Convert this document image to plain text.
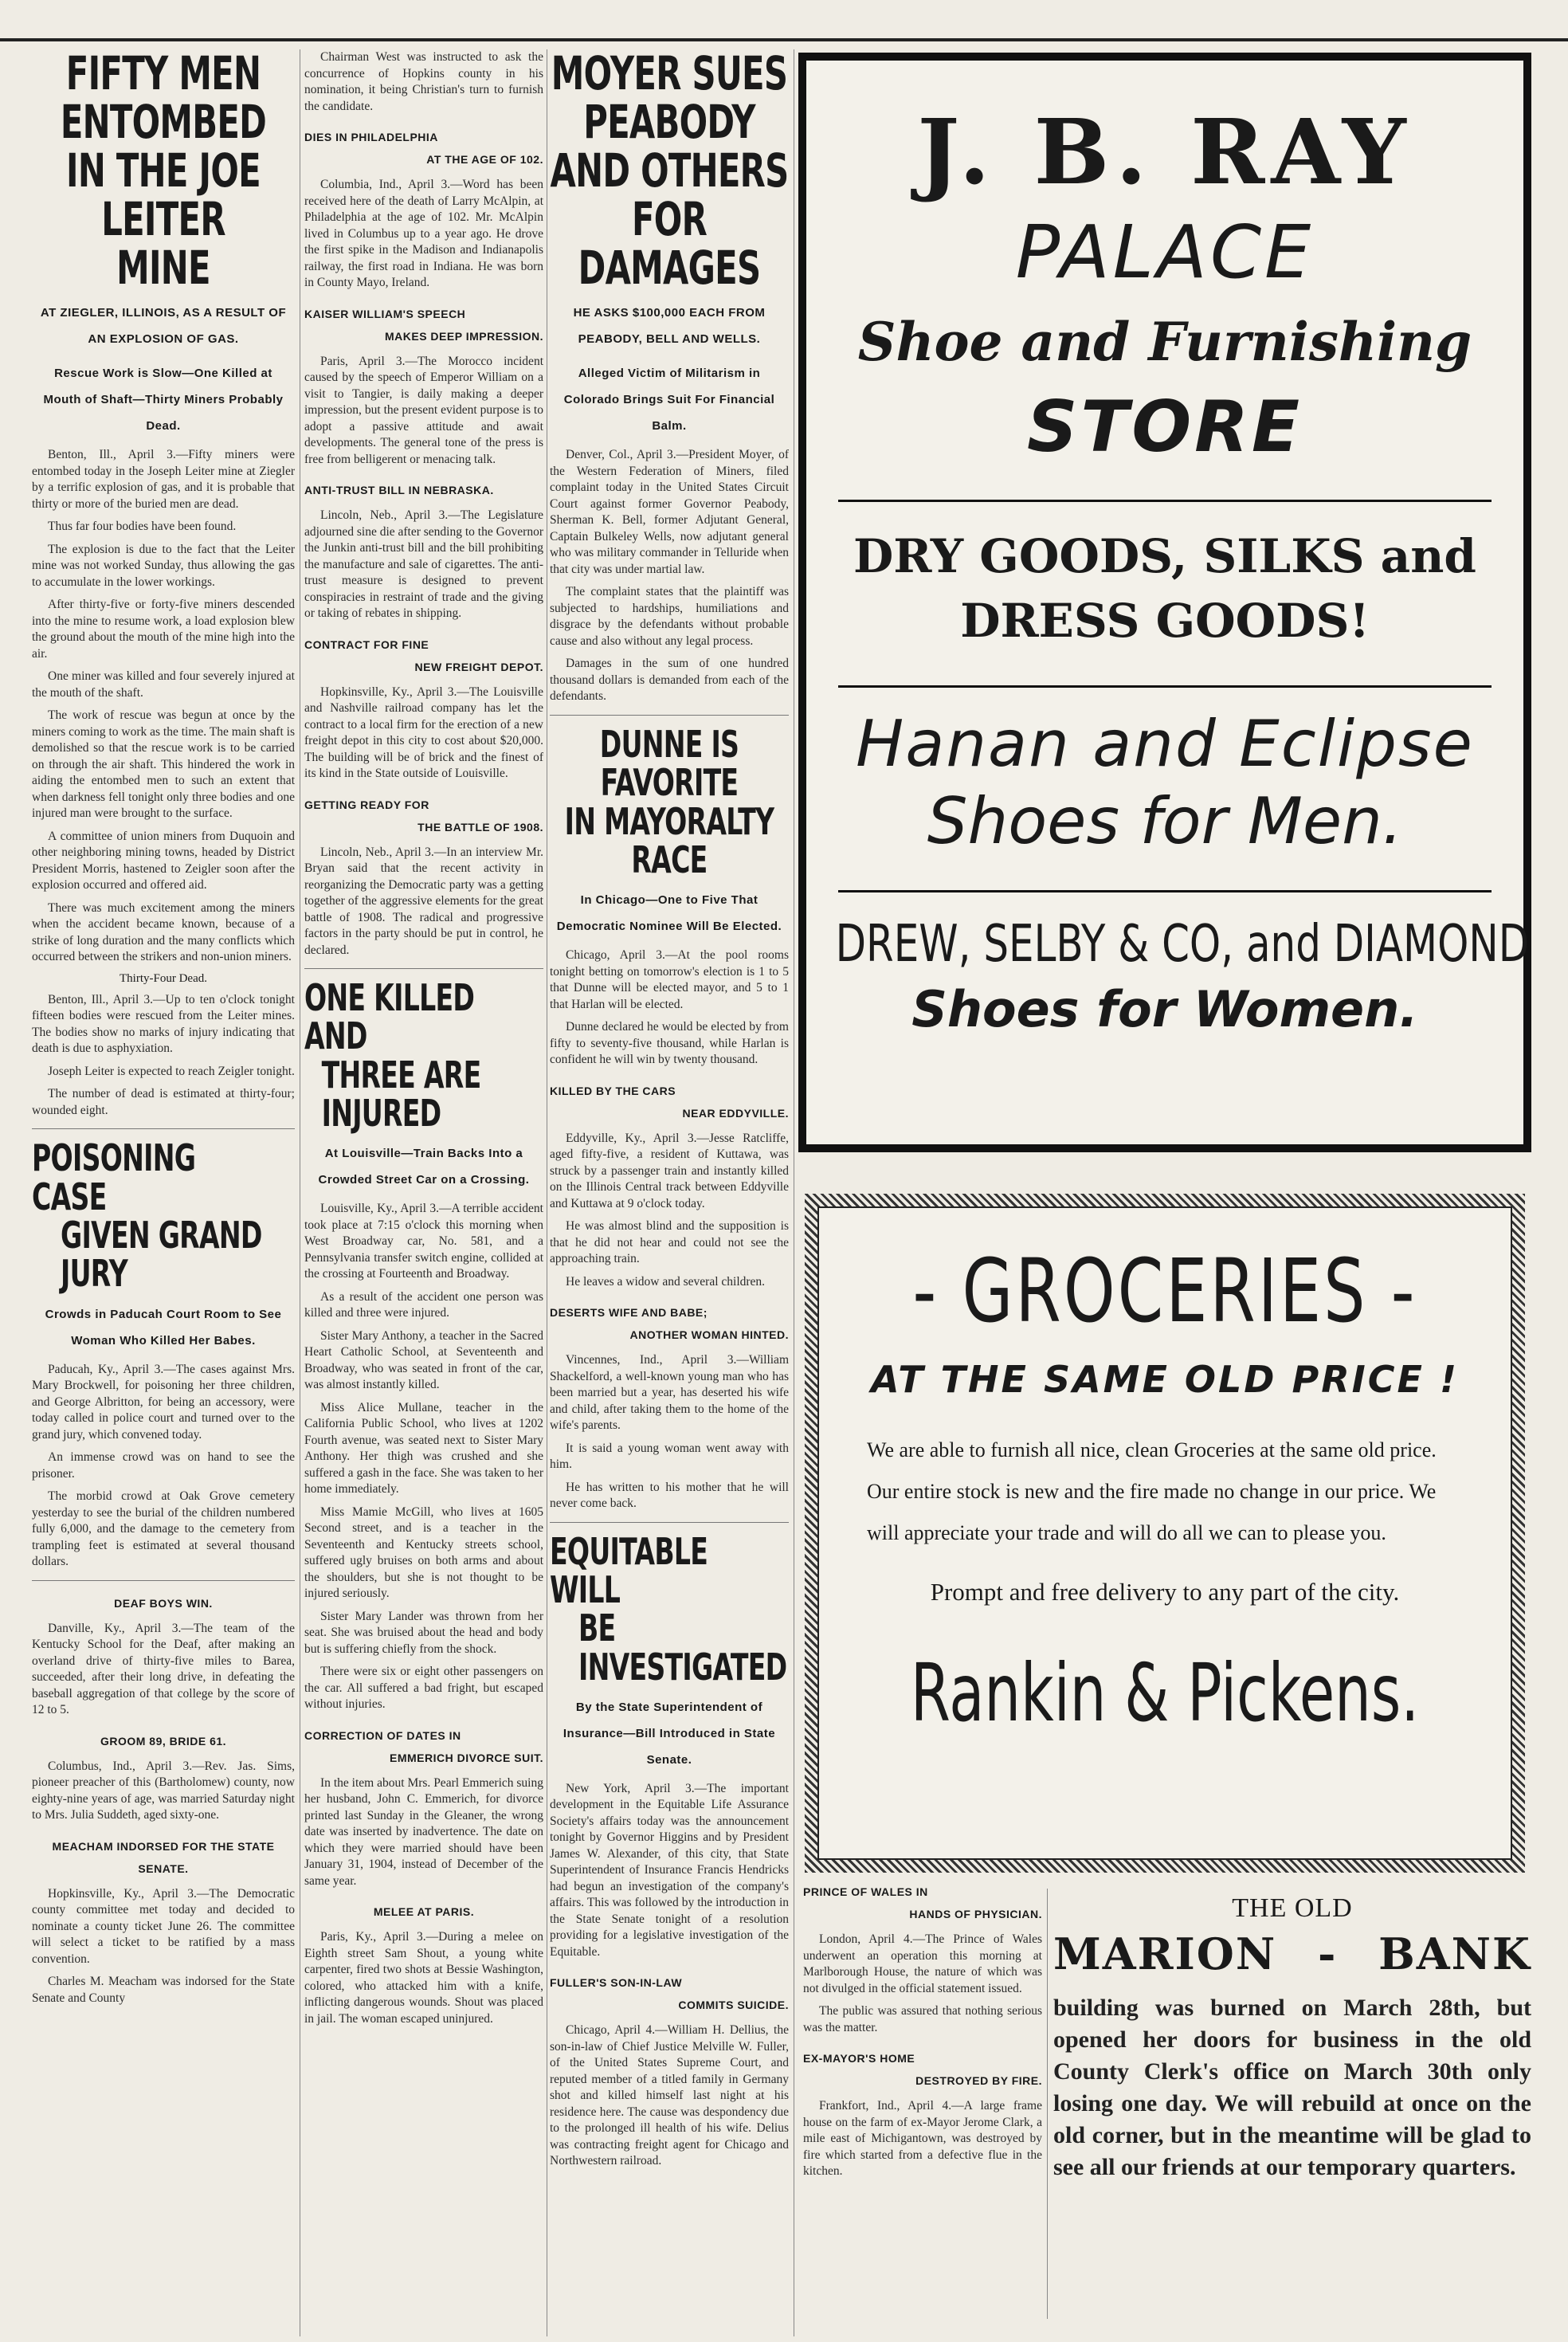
FIFTY MEN ENTOMBED
IN THE JOE LEITER
MINE
AT ZIEGLER, ILLINOIS, AS A RESULT OF AN EXPLOSION OF GAS.
Rescue Work is Slow—One Killed at Mouth of Shaft—Thirty Miners Probably Dead.

Benton, Ill., April 3.—Fifty miners were entombed today in the Joseph Leiter mine at Ziegler by a terrific explosion of gas, and it is probable that thirty or more of the buried men are dead.

Thus far four bodies have been found.

The explosion is due to the fact that the Leiter mine was not worked Sunday, thus allowing the gas to accumulate in the lower workings.

After thirty-five or forty-five miners descended into the mine to resume work, a load explosion blew the ground about the mouth of the mine high into the air.

One miner was killed and four severely injured at the mouth of the shaft.

The work of rescue was begun at once by the miners coming to work as the time. The main shaft is demolished so that the rescue work is to be carried on through the air shaft. This hindered the work in aiding the entombed men to such an extent that when darkness fell tonight only three bodies and one injured man were brought to the surface.

A committee of union miners from Duquoin and other neighboring mining towns, headed by District President Morris, hastened to Zeigler soon after the explosion occurred and offered aid.

There was much excitement among the miners when the accident became known, because of a strike of long duration and the many conflicts which occurred between the strikers and non-union miners.

Thirty-Four Dead.

Benton, Ill., April 3.—Up to ten o'clock tonight fifteen bodies were rescued from the Leiter mines. The bodies show no marks of injury indicating that death is due to asphyxiation.

Joseph Leiter is expected to reach Zeigler tonight.

The number of dead is estimated at thirty-four; wounded eight.

POISONING CASE
GIVEN GRAND JURY
Crowds in Paducah Court Room to See Woman Who Killed Her Babes.

Paducah, Ky., April 3.—The cases against Mrs. Mary Brockwell, for poisoning her three children, and George Albritton, for being an accessory, were today called in police court and turned over to the grand jury, which convened today.

An immense crowd was on hand to see the prisoner.

The morbid crowd at Oak Grove cemetery yesterday to see the burial of the children numbered fully 6,000, and the damage to the cemetery from trampling feet is estimated at several thousand dollars.

DEAF BOYS WIN.

Danville, Ky., April 3.—The team of the Kentucky School for the Deaf, after making an overland drive of thirty-five miles to Barea, succeeded, after their long drive, in defeating the baseball aggregation of that college by the score of 12 to 5.

GROOM 89, BRIDE 61.

Columbus, Ind., April 3.—Rev. Jas. Sims, pioneer preacher of this (Bartholomew) county, now eighty-nine years of age, was married Saturday night to Mrs. Julia Suddeth, aged sixty-one.

MEACHAM INDORSED FOR THE STATE SENATE.

Hopkinsville, Ky., April 3.—The Democratic county committee met today and decided to nominate a county ticket June 26. The committee will select a ticket to be ratified by a mass convention.

Charles M. Meacham was indorsed for the State Senate and County

Chairman West was instructed to ask the concurrence of Hopkins county in his nomination, it being Christian's turn to furnish the candidate.

DIES IN PHILADELPHIA
AT THE AGE OF 102.

Columbia, Ind., April 3.—Word has been received here of the death of Larry McAlpin, at Philadelphia at the age of 102. Mr. McAlpin lived in Columbus up to a year ago. He drove the first spike in the Madison and Indianapolis railway, the first road in Indiana. He was born in County Mayo, Ireland.

KAISER WILLIAM'S SPEECH
MAKES DEEP IMPRESSION.

Paris, April 3.—The Morocco incident caused by the speech of Emperor William on a visit to Tangier, is daily making a deeper impression, but the present evident purpose is to adopt a passive attitude and await developments. The general tone of the press is free from belligerent or menacing talk.

ANTI-TRUST BILL IN NEBRASKA.

Lincoln, Neb., April 3.—The Legislature adjourned sine die after sending to the Governor the Junkin anti-trust bill and the bill prohibiting the manufacture and sale of cigarettes. The anti-trust measure is designed to prevent conspiracies in restraint of trade and the giving or taking of rebates in shipping.

CONTRACT FOR FINE
NEW FREIGHT DEPOT.

Hopkinsville, Ky., April 3.—The Louisville and Nashville railroad company has let the contract to a local firm for the erection of a new freight depot in this city to cost about $20,000. The building will be of brick and the finest of its kind in the State outside of Louisville.

GETTING READY FOR
THE BATTLE OF 1908.

Lincoln, Neb., April 3.—In an interview Mr. Bryan said that the recent activity in reorganizing the Democratic party was a getting together of the aggressive elements for the great battle of 1908. The radical and progressive factors in the party should be put in control, he declared.

ONE KILLED AND
THREE ARE INJURED
At Louisville—Train Backs Into a Crowded Street Car on a Crossing.

Louisville, Ky., April 3.—A terrible accident took place at 7:15 o'clock this morning when West Broadway car, No. 581, and a Pennsylvania transfer switch engine, collided at the crossing at Fourteenth and Broadway.

As a result of the accident one person was killed and three were injured.

Sister Mary Anthony, a teacher in the Sacred Heart Catholic School, at Seventeenth and Broadway, who was seated in front of the car, was almost instantly killed.

Miss Alice Mullane, teacher in the California Public School, who lives at 1202 Fourth avenue, was seated next to Sister Mary Anthony. Her thigh was crushed and she suffered a gash in the face. She was taken to her home immediately.

Miss Mamie McGill, who lives at 1605 Second street, and is a teacher in the Seventeenth and Kentucky streets school, suffered ugly bruises on both arms and about the shoulders, but she is not thought to be injured seriously.

Sister Mary Lander was thrown from her seat. She was bruised about the head and body but is suffering chiefly from the shock.

There were six or eight other passengers on the car. All suffered a bad fright, but escaped without injuries.

CORRECTION OF DATES IN
EMMERICH DIVORCE SUIT.

In the item about Mrs. Pearl Emmerich suing her husband, John C. Emmerich, for divorce printed last Sunday in the Gleaner, the wrong date was inserted by inadvertence. The date on which they were married should have been January 31, 1904, instead of December of the same year.

MELEE AT PARIS.

Paris, Ky., April 3.—During a melee on Eighth street Sam Shout, a young white carpenter, fired two shots at Bessie Washington, colored, who attacked him with a knife, inflicting dangerous wounds. Shout was placed in jail. The woman escaped uninjured.

MOYER SUES PEABODY
AND OTHERS FOR
DAMAGES
HE ASKS $100,000 EACH FROM PEABODY, BELL AND WELLS.
Alleged Victim of Militarism in Colorado Brings Suit For Financial Balm.

Denver, Col., April 3.—President Moyer, of the Western Federation of Miners, filed complaint today in the United States Circuit Court against former Governor Peabody, Sherman K. Bell, former Adjutant General, Captain Bulkeley Wells, now adjutant general who was military commander in Telluride when that city was under martial law.

The complaint states that the plaintiff was subjected to hardships, humiliations and disgrace by the defendants without probable cause and also without any legal process.

Damages in the sum of one hundred thousand dollars is demanded from each of the defendants.

DUNNE IS FAVORITE
IN MAYORALTY RACE
In Chicago—One to Five That Democratic Nominee Will Be Elected.

Chicago, April 3.—At the pool rooms tonight betting on tomorrow's election is 1 to 5 that Dunne will be elected mayor, and 5 to 1 that Harlan will be elected.

Dunne declared he would be elected by from fifty to seventy-five thousand, while Harlan is confident he will win by twenty thousand.

KILLED BY THE CARS
NEAR EDDYVILLE.

Eddyville, Ky., April 3.—Jesse Ratcliffe, aged fifty-five, a resident of Kuttawa, was struck by a passenger train and instantly killed on the Illinois Central track between Eddyville and Kuttawa at 9 o'clock today.

He was almost blind and the supposition is that he did not hear and could not see the approaching train.

He leaves a widow and several children.

DESERTS WIFE AND BABE;
ANOTHER WOMAN HINTED.

Vincennes, Ind., April 3.—William Shackelford, a well-known young man who has been married but a year, has deserted his wife and child, after taking them to the home of the wife's parents.

It is said a young woman went away with him.

He has written to his mother that he will never come back.

EQUITABLE WILL
BE INVESTIGATED
By the State Superintendent of Insurance—Bill Introduced in State Senate.

New York, April 3.—The important development in the Equitable Life Assurance Society's affairs today was the announcement tonight by Governor Higgins and by President James W. Alexander, of this city, that State Superintendent of Insurance Francis Hendricks had begun an investigation of the company's affairs. This was followed by the introduction in the State Senate tonight of a resolution providing for a legislative investigation of the Equitable.

FULLER'S SON-IN-LAW
COMMITS SUICIDE.

Chicago, April 4.—William H. Dellius, the son-in-law of Chief Justice Melville W. Fuller, of the United States Supreme Court, and reputed member of a titled family in Germany shot and killed himself last night at his residence here. The cause was despondency due to the prolonged ill health of his wife. Delius was contracting freight agent for Chicago and Northwestern railroad.

J. B. RAY
PALACE
Shoe and Furnishing
STORE
DRY GOODS, SILKS and
DRESS GOODS!
Hanan and Eclipse
Shoes for Men.
DREW, SELBY & CO, and DIAMOND
Shoes for Women.
- GROCERIES -
AT THE SAME OLD PRICE !
We are able to furnish all nice, clean Groceries at the same old price. Our entire stock is new and the fire made no change in our price. We will appreciate your trade and will do all we can to please you.
Prompt and free delivery to any part of the city.
Rankin & Pickens.
PRINCE OF WALES IN
HANDS OF PHYSICIAN.

London, April 4.—The Prince of Wales underwent an operation this morning at Marlborough House, the nature of which was not divulged in the official statement issued.

The public was assured that nothing serious was the matter.

EX-MAYOR'S HOME
DESTROYED BY FIRE.

Frankfort, Ind., April 4.—A large frame house on the farm of ex-Mayor Jerome Clark, a mile east of Michigantown, was destroyed by fire which started from a defective flue in the kitchen.

THE OLD
MARION - BANK
building was burned on March 28th, but opened her doors for business in the old County Clerk's office on March 30th only losing one day. We will rebuild at once on the old corner, but in the meantime will be glad to see all our friends at our temporary quarters.
